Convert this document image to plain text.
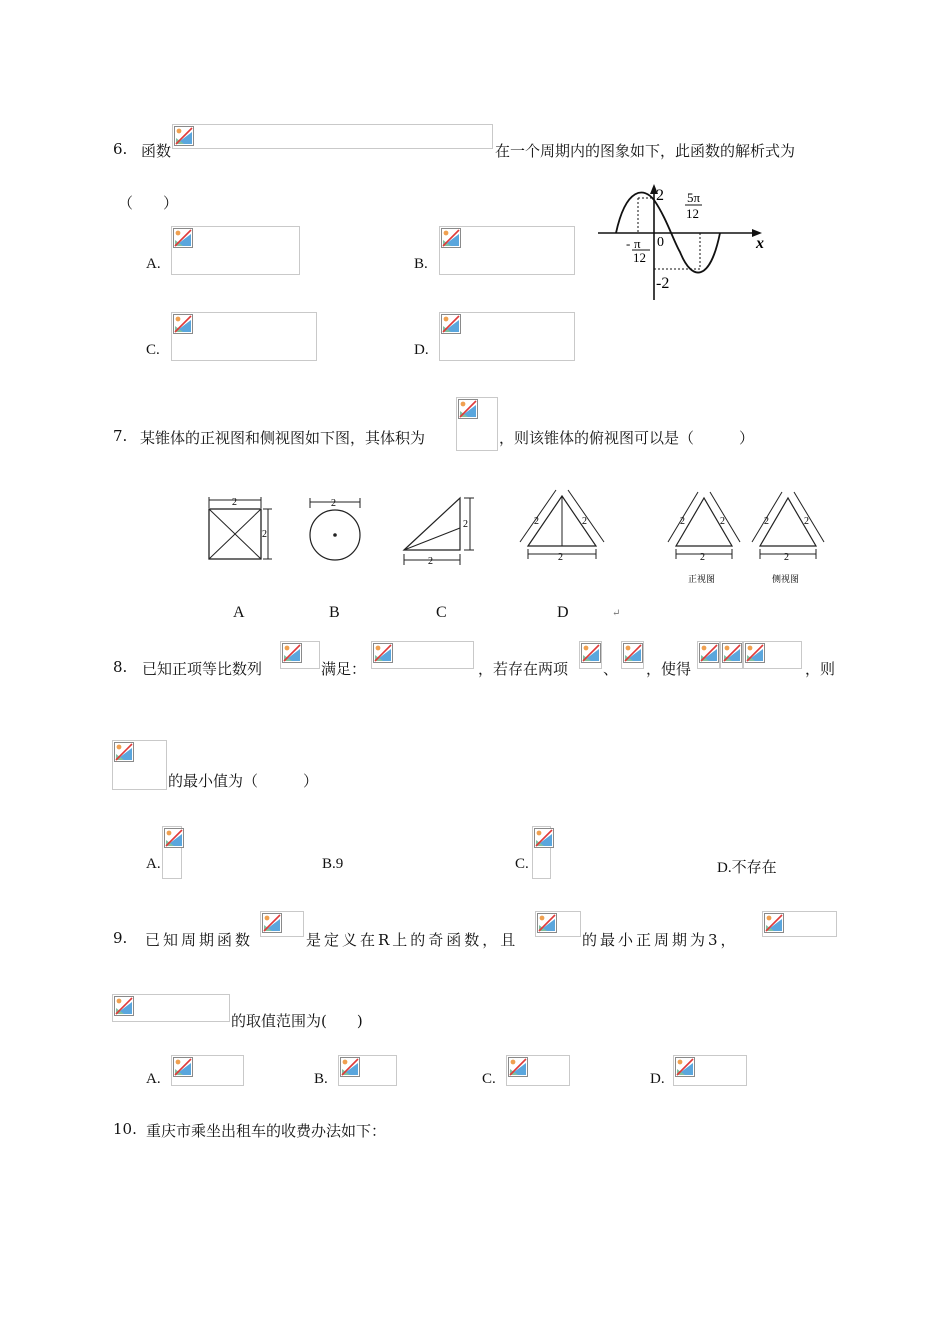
6. 函数	在一个周期内的图象如下，此函数的解析式为
（　　）
A.	B.
C.	D.
2
-2
0	x
- π
12
5π
12
7. 某锥体的正视图和侧视图如下图，其体积为	，则该锥体的俯视图可以是（　　　）
2
2
2
2
2
2	2
2
2	2
2
正视图
2	2
2
侧视图
A	B	C	D	↵
8. 已知正项等比数列	满足：	，若存在两项 、 ，使得	，则
的最小值为（　　　）
A.	B.9	C.	D.不存在
9. 已知周期函数	是定义在R上的奇函数，且	的最小正周期为3，
的取值范围为(　　)
A.	B.	C.	D.
10. 重庆市乘坐出租车的收费办法如下：
